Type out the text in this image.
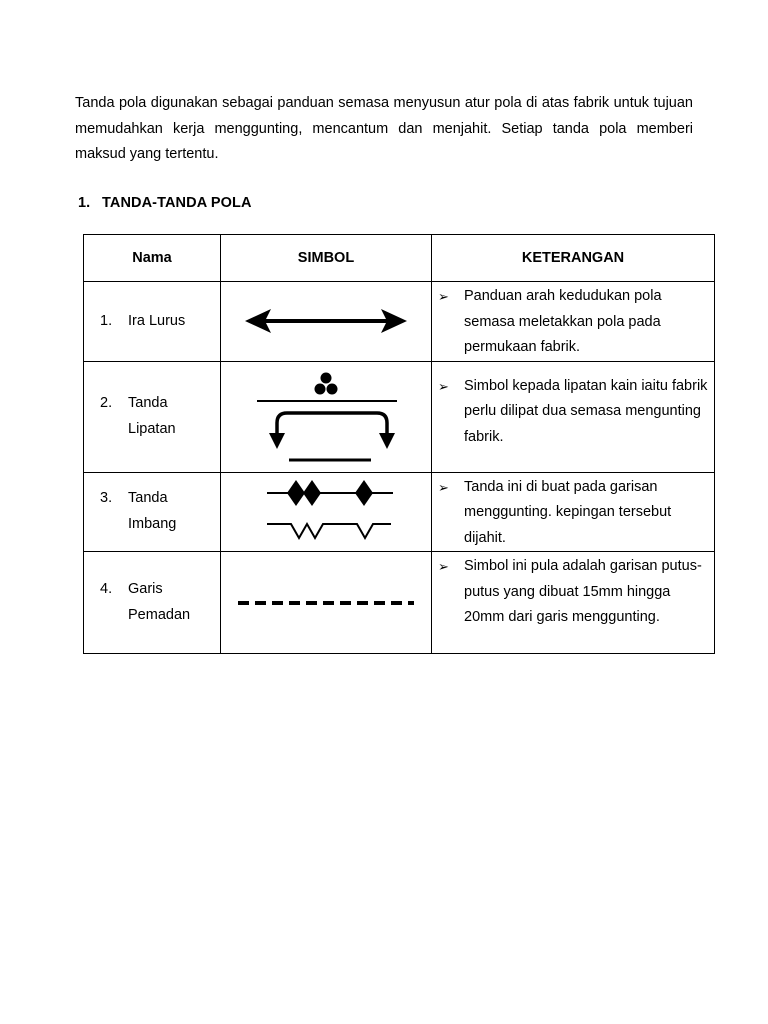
Tanda pola digunakan sebagai panduan semasa menyusun atur pola di atas fabrik untuk tujuan memudahkan kerja menggunting, mencantum dan menjahit. Setiap tanda pola memberi maksud yang tertentu.

1. TANDA-TANDA POLA
Nama	SIMBOL	KETERANGAN

1. Ira Lurus		➢ Panduan arah kedudukan pola semasa meletakkan pola pada permukaan fabrik.

2. Tanda Lipatan		➢ Simbol kepada lipatan kain iaitu fabrik perlu dilipat dua semasa mengunting fabrik.

3. Tanda Imbang		➢ Tanda ini di buat pada garisan menggunting. kepingan tersebut dijahit.

4. Garis Pemadan		➢ Simbol ini pula adalah garisan putus-putus yang dibuat 15mm hingga 20mm dari garis menggunting.
